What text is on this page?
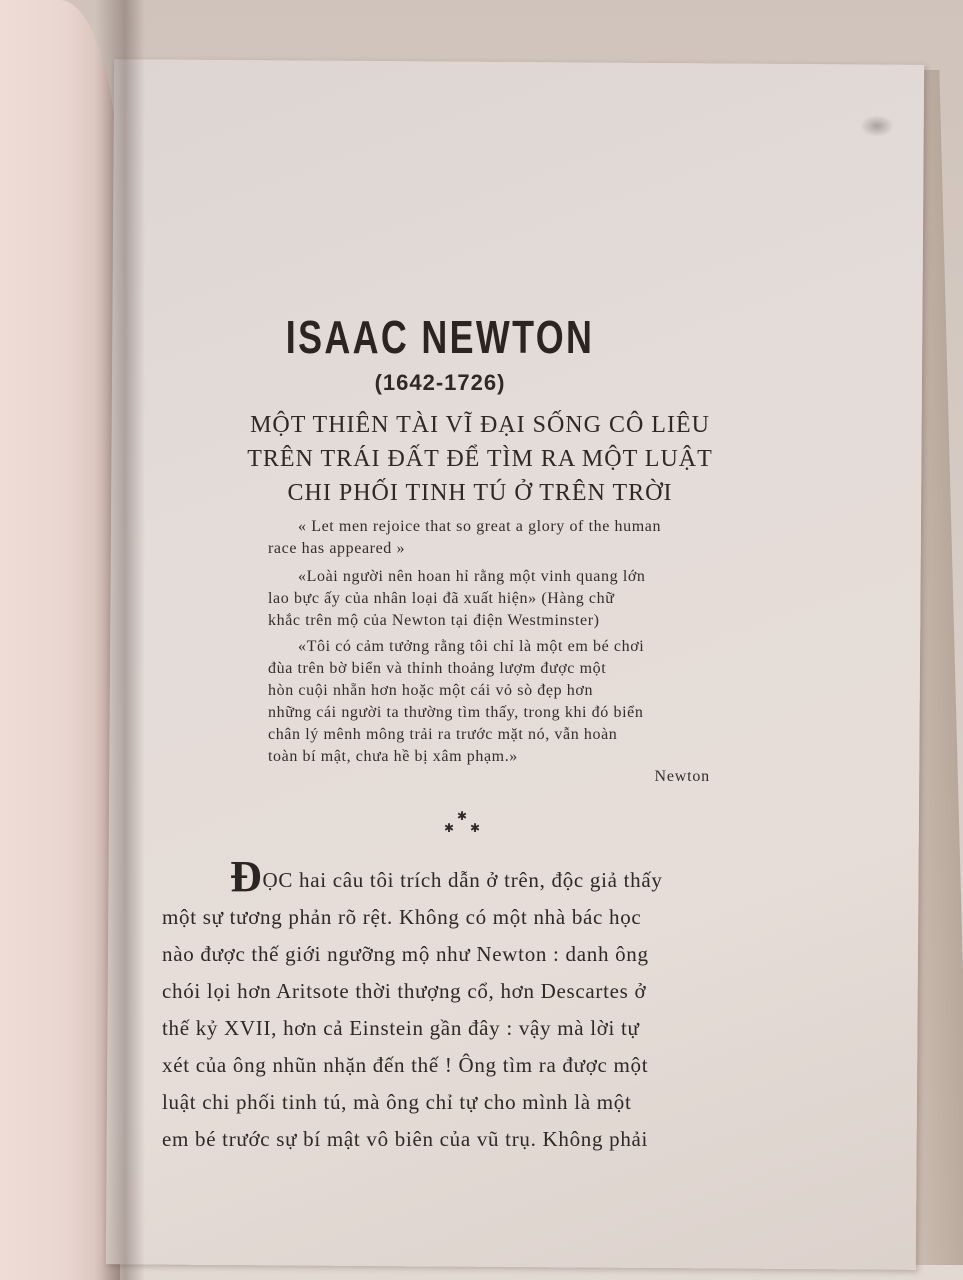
ISAAC NEWTON
(1642-1726)
MỘT THIÊN TÀI VĨ ĐẠI SỐNG CÔ LIÊU
TRÊN TRÁI ĐẤT ĐỂ TÌM RA MỘT LUẬT
CHI PHỐI TINH TÚ Ở TRÊN TRỜI
« Let men rejoice that so great a glory of the human
race has appeared »
«Loài người nên hoan hỉ rằng một vinh quang lớn
lao bực ấy của nhân loại đã xuất hiện» (Hàng chữ
khắc trên mộ của Newton tại điện Westminster)
«Tôi có cảm tưởng rằng tôi chỉ là một em bé chơi
đùa trên bờ biển và thỉnh thoảng lượm được một
hòn cuội nhẵn hơn hoặc một cái vỏ sò đẹp hơn
những cái người ta thường tìm thấy, trong khi đó biển
chân lý mênh mông trải ra trước mặt nó, vẫn hoàn
toàn bí mật, chưa hề bị xâm phạm.»
Newton
✱
✱ ✱
ĐỌC hai câu tôi trích dẫn ở trên, độc giả thấy
một sự tương phản rõ rệt. Không có một nhà bác học
nào được thế giới ngưỡng mộ như Newton : danh ông
chói lọi hơn Aritsote thời thượng cổ, hơn Descartes ở
thế kỷ XVII, hơn cả Einstein gần đây : vậy mà lời tự
xét của ông nhũn nhặn đến thế ! Ông tìm ra được một
luật chi phối tinh tú, mà ông chỉ tự cho mình là một
em bé trước sự bí mật vô biên của vũ trụ. Không phải
